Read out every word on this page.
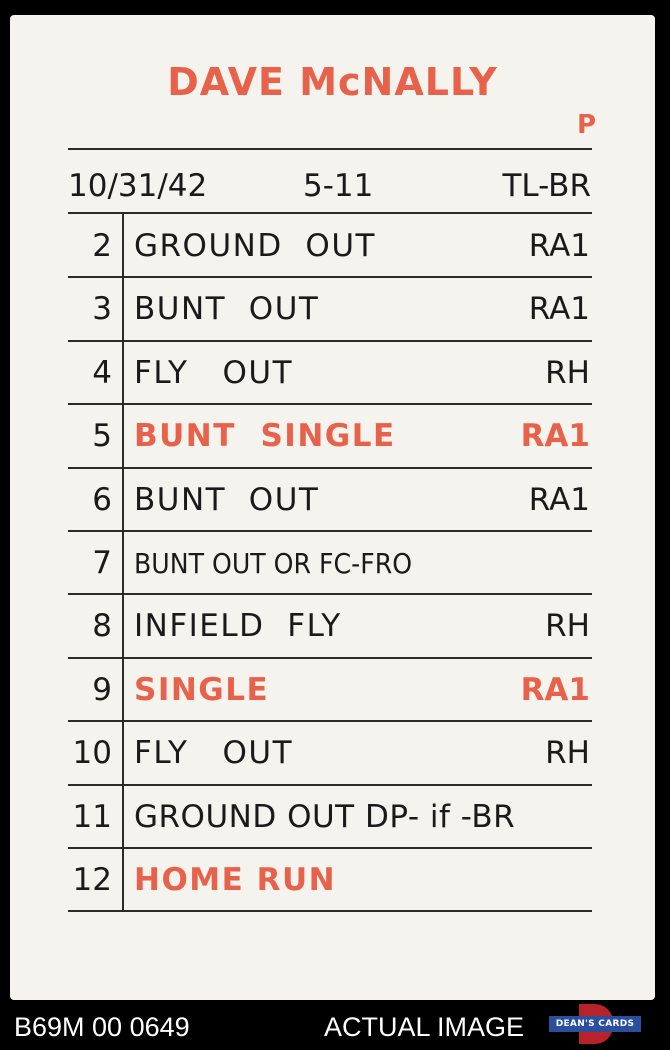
DAVE McNALLY
P
10/31/42	5-11	TL-BR
2 GROUND  OUT	RA1
3 BUNT  OUT	RA1
4 FLY   OUT	RH
5 BUNT  SINGLE	RA1
6 BUNT  OUT	RA1
7 BUNT OUT OR FC-FRO
8 INFIELD  FLY	RH
9 SINGLE	RA1
10 FLY   OUT	RH
11 GROUND OUT DP- if -BR
12 HOME RUN
B69M 00 0649	ACTUAL IMAGE	DEAN'S CARDS
